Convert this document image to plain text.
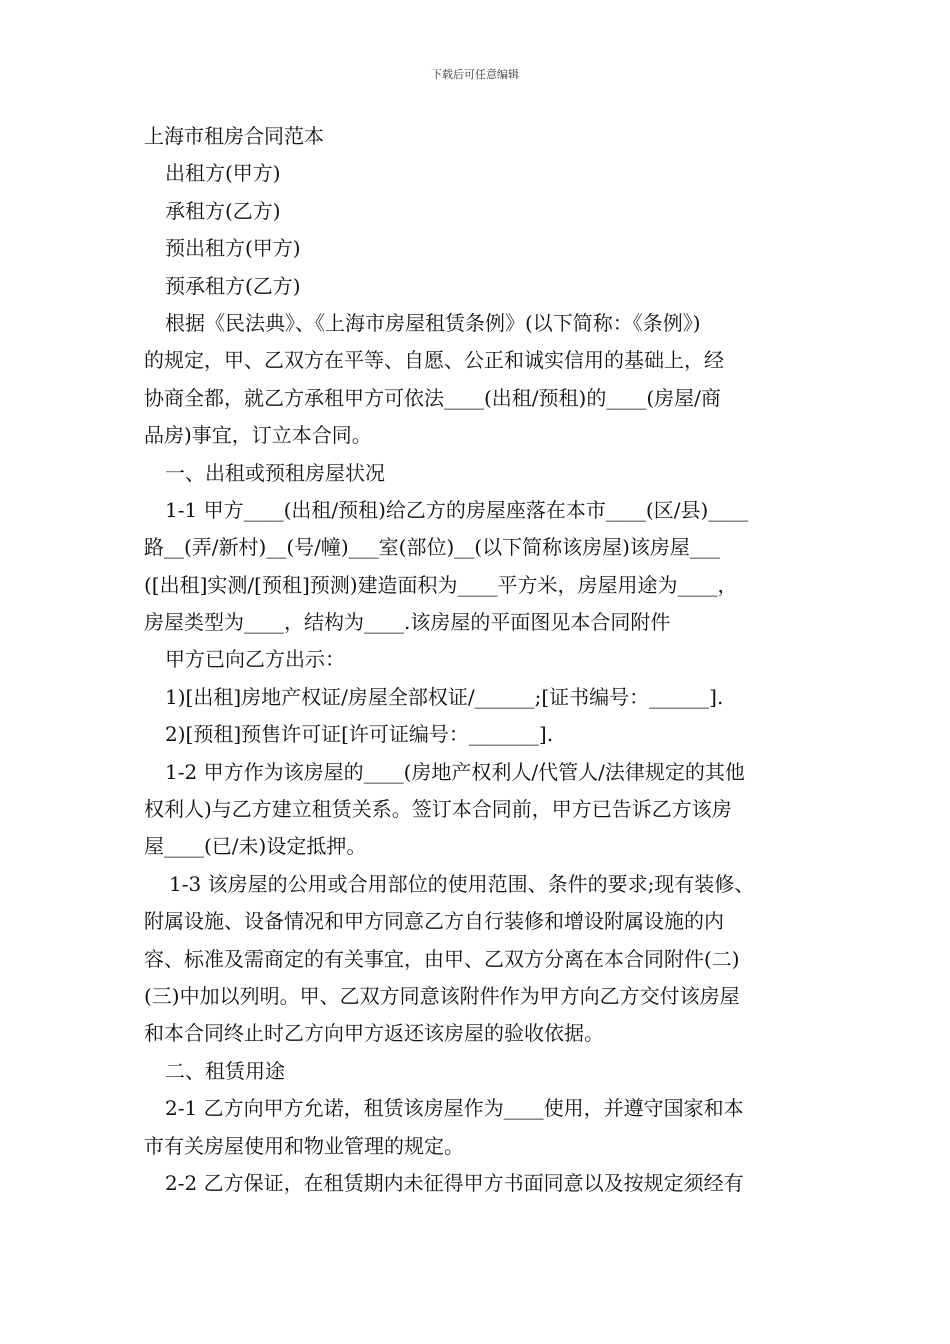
下载后可任意编辑
上海市租房合同范本
出租方(甲方)
承租方(乙方)
预出租方(甲方)
预承租方(乙方)
根据《民法典》、《上海市房屋租赁条例》(以下简称：《条例》)
的规定，甲、乙双方在平等、自愿、公正和诚实信用的基础上，经
协商全都，就乙方承租甲方可依法____(出租/预租)的____(房屋/商
品房)事宜，订立本合同。
一、出租或预租房屋状况
1-1 甲方____(出租/预租)给乙方的房屋座落在本市____(区/县)____
路__(弄/新村)__(号/幢)___室(部位)__(以下简称该房屋)该房屋___
([出租]实测/[预租]预测)建造面积为____平方米，房屋用途为____，
房屋类型为____，结构为____.该房屋的平面图见本合同附件
甲方已向乙方出示：
1)[出租]房地产权证/房屋全部权证/______;[证书编号：______].
2)[预租]预售许可证[许可证编号：_______].
1-2 甲方作为该房屋的____(房地产权利人/代管人/法律规定的其他
权利人)与乙方建立租赁关系。签订本合同前，甲方已告诉乙方该房
屋____(已/未)设定抵押。
1-3 该房屋的公用或合用部位的使用范围、条件的要求;现有装修、
附属设施、设备情况和甲方同意乙方自行装修和增设附属设施的内
容、标准及需商定的有关事宜，由甲、乙双方分离在本合同附件(二)
(三)中加以列明。甲、乙双方同意该附件作为甲方向乙方交付该房屋
和本合同终止时乙方向甲方返还该房屋的验收依据。
二、租赁用途
2-1 乙方向甲方允诺，租赁该房屋作为____使用，并遵守国家和本
市有关房屋使用和物业管理的规定。
2-2 乙方保证，在租赁期内未征得甲方书面同意以及按规定须经有
